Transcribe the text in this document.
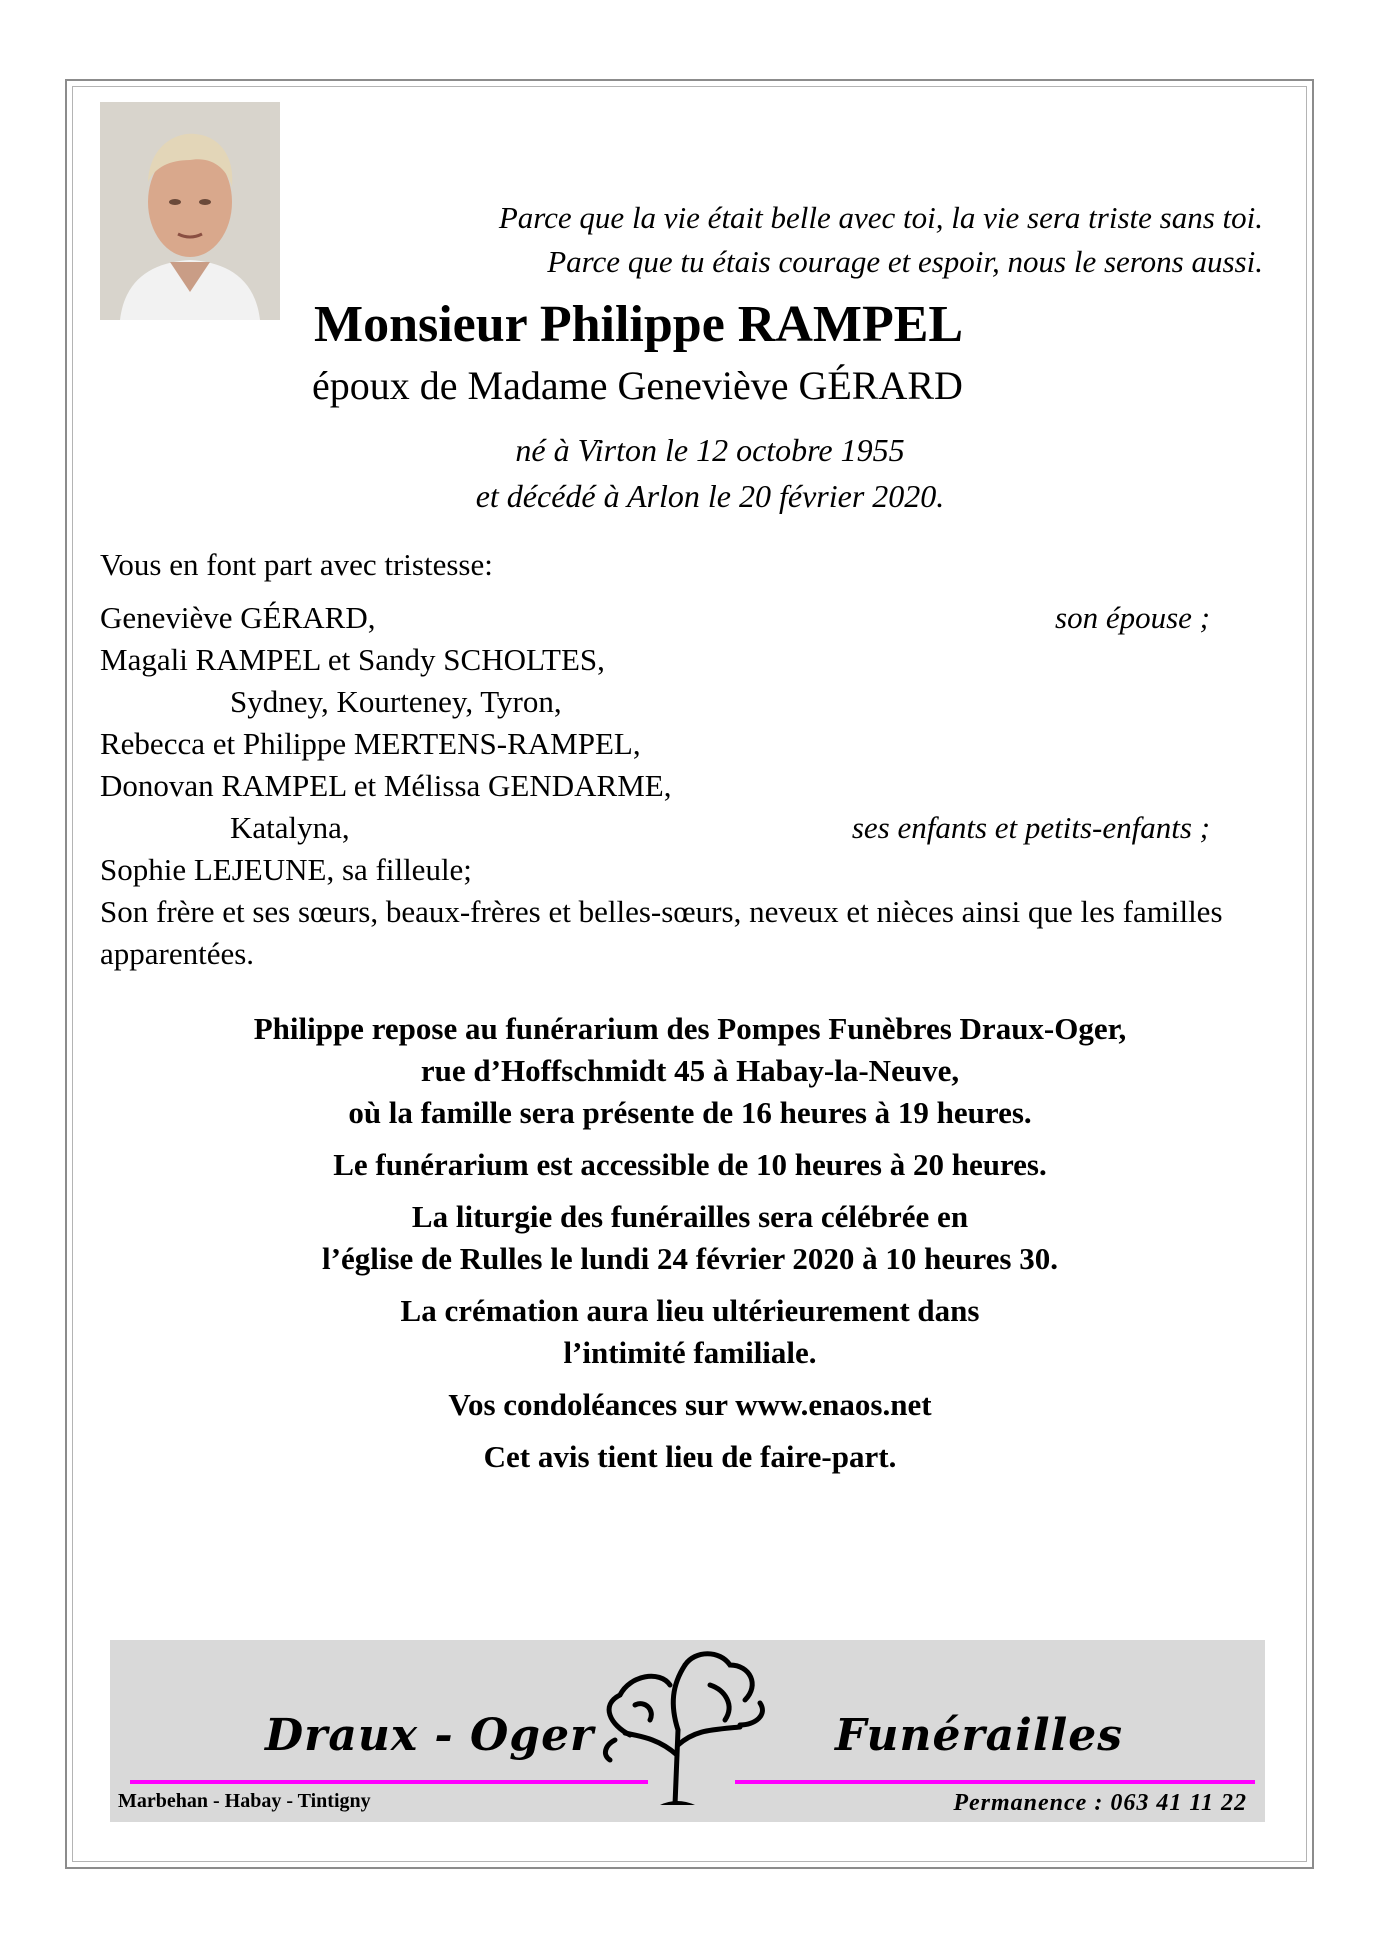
Parce que la vie était belle avec toi, la vie sera triste sans toi.
Parce que tu étais courage et espoir, nous le serons aussi.
Monsieur Philippe RAMPEL
époux de Madame Geneviève GÉRARD
né à Virton le 12 octobre 1955
et décédé à Arlon le 20 février 2020.
Vous en font part avec tristesse:
Geneviève GÉRARD,	son épouse ;
Magali RAMPEL et Sandy SCHOLTES,
Sydney, Kourteney, Tyron,
Rebecca et Philippe MERTENS-RAMPEL,
Donovan RAMPEL et Mélissa GENDARME,
Katalyna,	ses enfants et petits-enfants ;
Sophie LEJEUNE, sa filleule;
Son frère et ses sœurs, beaux-frères et belles-sœurs, neveux et nièces ainsi que les familles apparentées.

Philippe repose au funérarium des Pompes Funèbres Draux-Oger,
rue d’Hoffschmidt 45 à Habay-la-Neuve,
où la famille sera présente de 16 heures à 19 heures.

Le funérarium est accessible de 10 heures à 20 heures.

La liturgie des funérailles sera célébrée en
l’église de Rulles le lundi 24 février 2020 à 10 heures 30.

La crémation aura lieu ultérieurement dans
l’intimité familiale.

Vos condoléances sur www.enaos.net

Cet avis tient lieu de faire-part.

Draux - Oger	Funérailles
Marbehan - Habay - Tintigny	Permanence : 063 41 11 22
